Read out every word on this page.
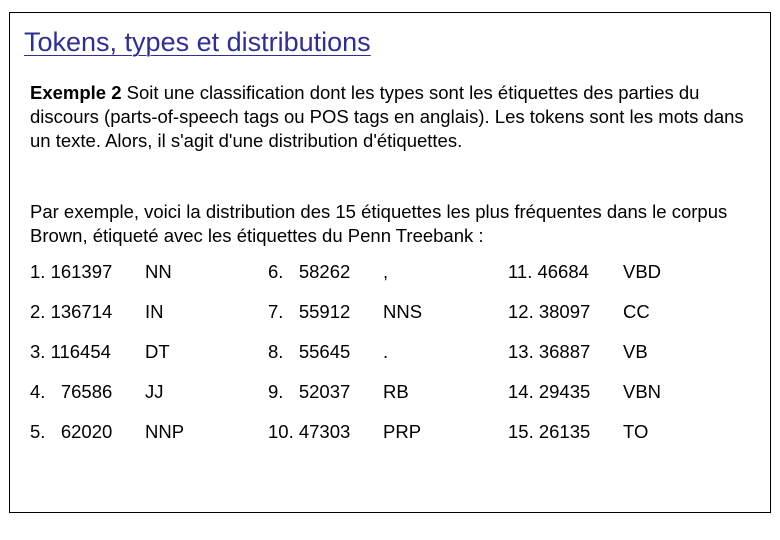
Tokens, types et distributions
Exemple 2 Soit une classification dont les types sont les étiquettes des parties du discours (parts-of-speech tags ou POS tags en anglais). Les tokens sont les mots dans un texte. Alors, il s'agit d'une distribution d'étiquettes.
Par exemple, voici la distribution des 15 étiquettes les plus fréquentes dans le corpus Brown, étiqueté avec les étiquettes du Penn Treebank :
1. 161397 NN
2. 136714 IN
3. 116454 DT
4.   76586 JJ
5.   62020 NNP
6.   58262 ,
7.   55912 NNS
8.   55645 .
9.   52037 RB
10. 47303 PRP
11. 46684 VBD
12. 38097 CC
13. 36887 VB
14. 29435 VBN
15. 26135 TO
